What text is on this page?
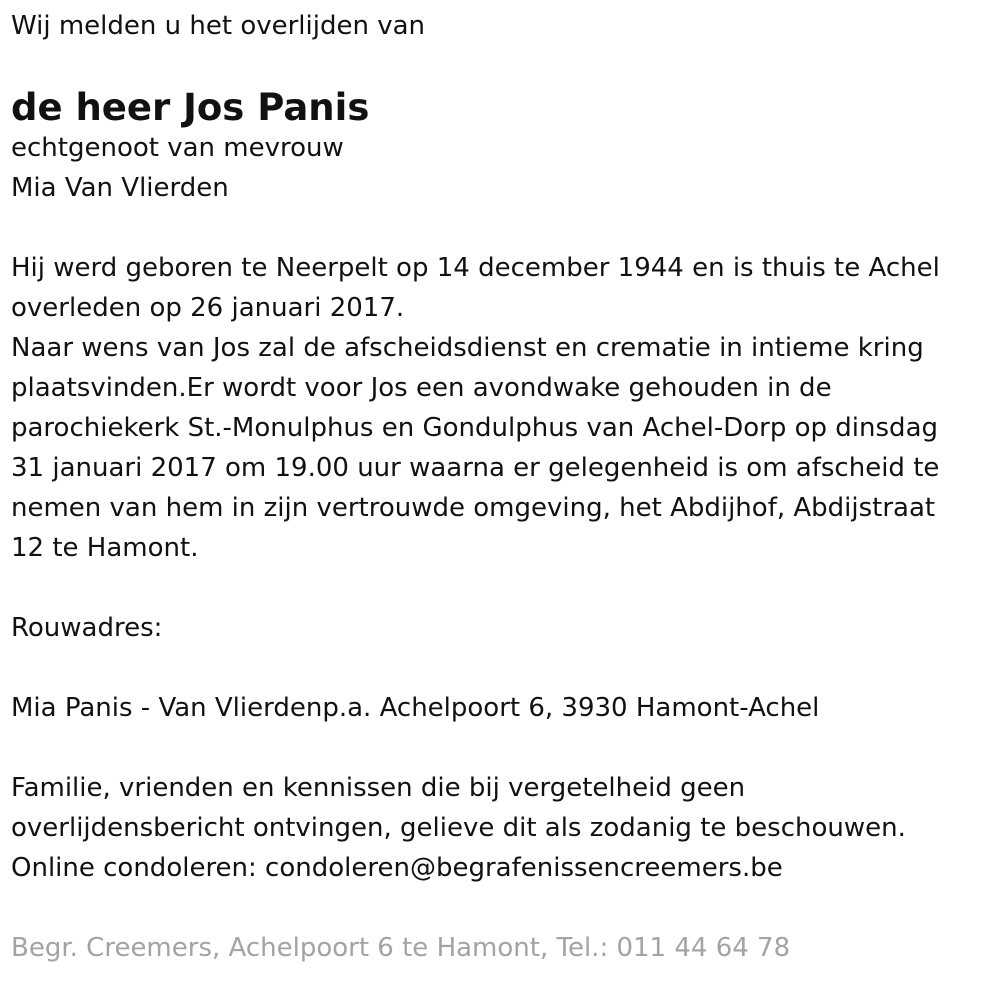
Wij melden u het overlijden van

de heer Jos Panis

echtgenoot van mevrouw

Mia Van Vlierden

Hij werd geboren te Neerpelt op 14 december 1944 en is thuis te Achel

overleden op 26 januari 2017.

Naar wens van Jos zal de afscheidsdienst en crematie in intieme kring

plaatsvinden.Er wordt voor Jos een avondwake gehouden in de

parochiekerk St.-Monulphus en Gondulphus van Achel-Dorp op dinsdag

31 januari 2017 om 19.00 uur waarna er gelegenheid is om afscheid te

nemen van hem in zijn vertrouwde omgeving, het Abdijhof, Abdijstraat

12 te Hamont.

Rouwadres:

Mia Panis - Van Vlierdenp.a. Achelpoort 6, 3930 Hamont-Achel

Familie, vrienden en kennissen die bij vergetelheid geen

overlijdensbericht ontvingen, gelieve dit als zodanig te beschouwen.

Online condoleren: condoleren@begrafenissencreemers.be

Begr. Creemers, Achelpoort 6 te Hamont, Tel.: 011 44 64 78
